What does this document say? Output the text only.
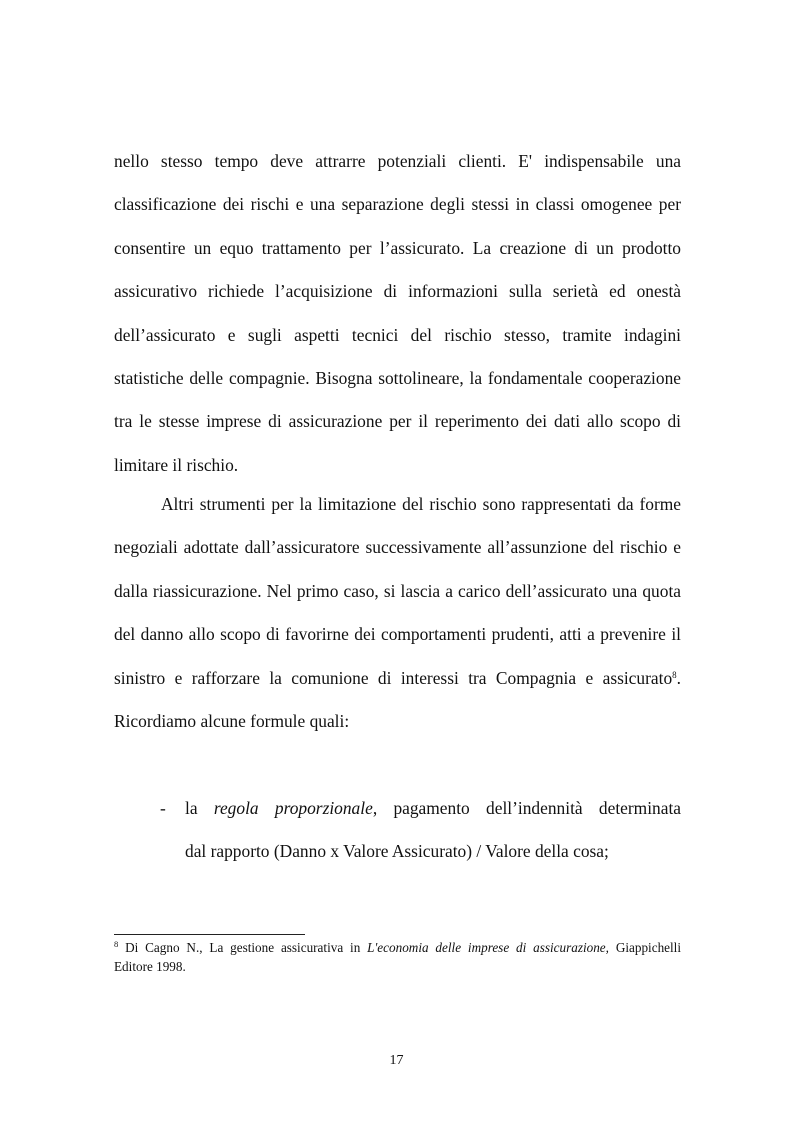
nello stesso tempo deve attrarre potenziali clienti. E' indispensabile una classificazione dei rischi e una separazione degli stessi in classi omogenee per consentire un equo trattamento per l’assicurato. La creazione di un prodotto assicurativo richiede l’acquisizione di informazioni sulla serietà ed onestà dell’assicurato e sugli aspetti tecnici del rischio stesso, tramite indagini statistiche delle compagnie. Bisogna sottolineare, la fondamentale cooperazione tra le stesse imprese di assicurazione per il reperimento dei dati allo scopo di limitare il rischio.

Altri strumenti per la limitazione del rischio sono rappresentati da forme negoziali adottate dall’assicuratore successivamente all’assunzione del rischio e dalla riassicurazione. Nel primo caso, si lascia a carico dell’assicurato una quota del danno allo scopo di favorirne dei comportamenti prudenti, atti a prevenire il sinistro e rafforzare la comunione di interessi tra Compagnia e assicurato$^8$. Ricordiamo alcune formule quali:

- la regola proporzionale, pagamento dell’indennità determinata
dal rapporto (Danno x Valore Assicurato) / Valore della cosa;

$^8$ Di Cagno N., La gestione assicurativa in L'economia delle imprese di assicurazione, Giappichelli
Editore 1998.

17
